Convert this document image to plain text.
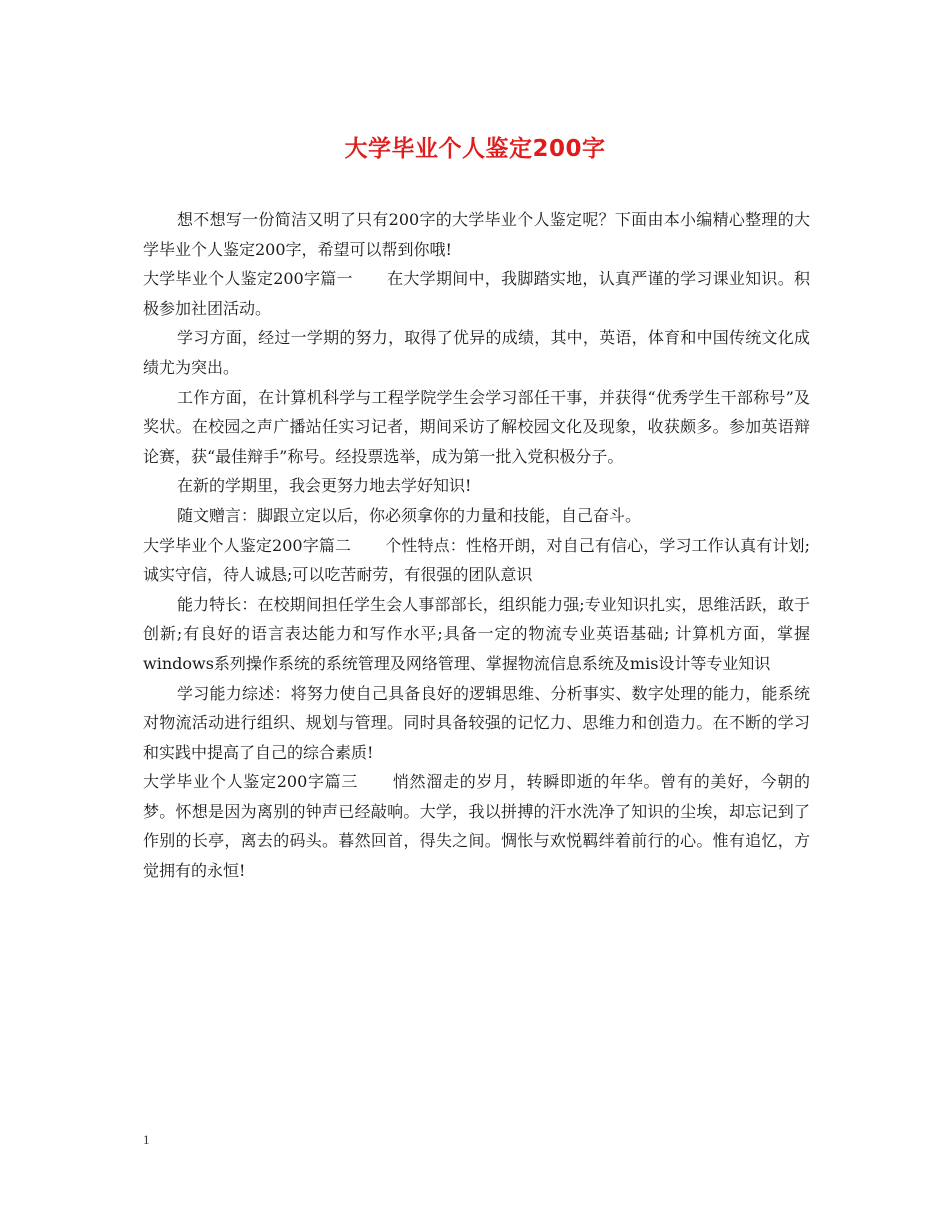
大学毕业个人鉴定200字

想不想写一份简洁又明了只有200字的大学毕业个人鉴定呢？下面由本小编精心整理的大学毕业个人鉴定200字，希望可以帮到你哦!

大学毕业个人鉴定200字篇一 在大学期间中，我脚踏实地，认真严谨的学习课业知识。积极参加社团活动。

学习方面，经过一学期的努力，取得了优异的成绩，其中，英语，体育和中国传统文化成绩尤为突出。

工作方面，在计算机科学与工程学院学生会学习部任干事，并获得“优秀学生干部称号”及奖状。在校园之声广播站任实习记者，期间采访了解校园文化及现象，收获颇多。参加英语辩论赛，获“最佳辩手”称号。经投票选举，成为第一批入党积极分子。

在新的学期里，我会更努力地去学好知识!

随文赠言：脚跟立定以后，你必须拿你的力量和技能，自己奋斗。

大学毕业个人鉴定200字篇二 个性特点：性格开朗，对自己有信心，学习工作认真有计划;诚实守信，待人诚恳;可以吃苦耐劳，有很强的团队意识

能力特长：在校期间担任学生会人事部部长，组织能力强;专业知识扎实，思维活跃，敢于创新;有良好的语言表达能力和写作水平;具备一定的物流专业英语基础; 计算机方面，掌握windows系列操作系统的系统管理及网络管理、掌握物流信息系统及mis设计等专业知识

学习能力综述：将努力使自己具备良好的逻辑思维、分析事实、数字处理的能力，能系统对物流活动进行组织、规划与管理。同时具备较强的记忆力、思维力和创造力。在不断的学习和实践中提高了自己的综合素质!

大学毕业个人鉴定200字篇三 悄然溜走的岁月，转瞬即逝的年华。曾有的美好，今朝的梦。怀想是因为离别的钟声已经敲响。大学，我以拼搏的汗水洗净了知识的尘埃，却忘记到了作别的长亭，离去的码头。暮然回首，得失之间。惆怅与欢悦羁绊着前行的心。惟有追忆，方觉拥有的永恒!

1
